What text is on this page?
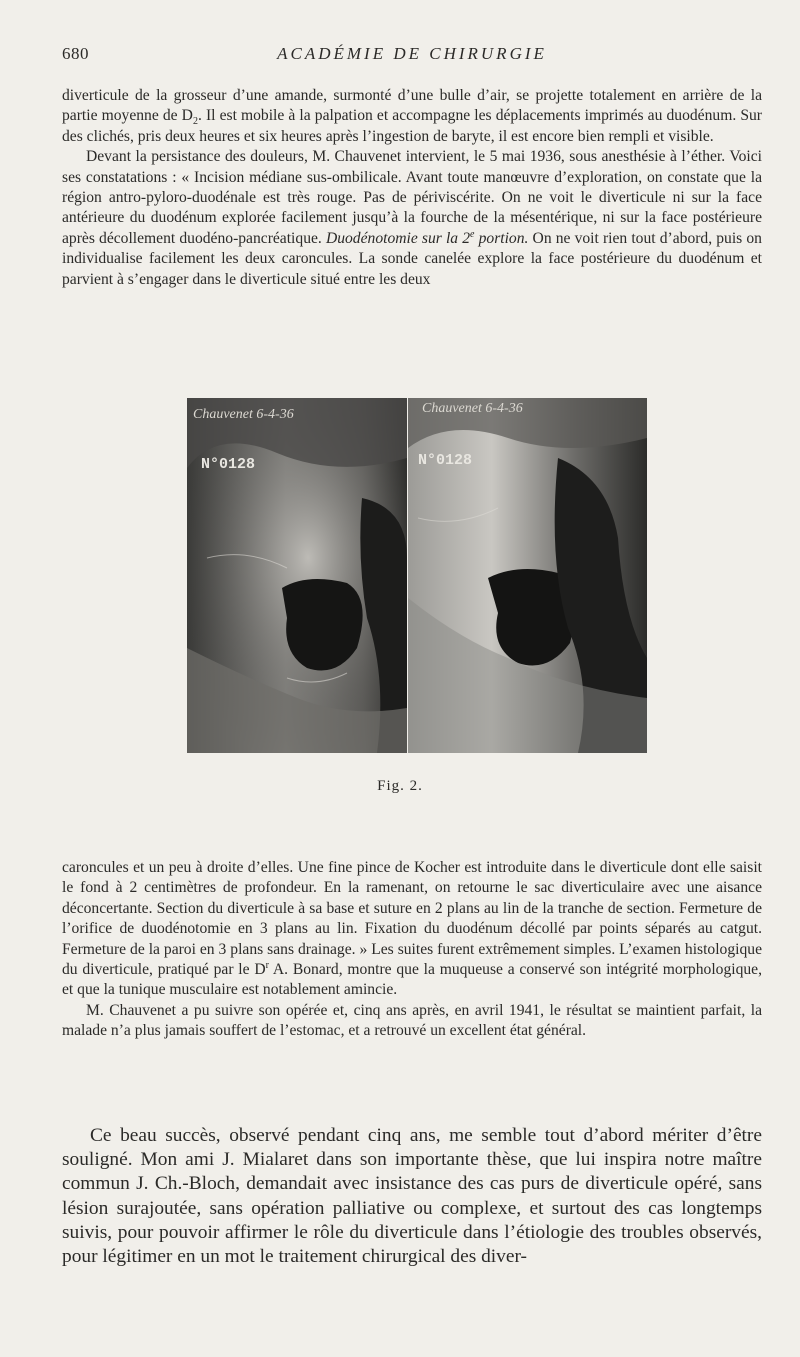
680	ACADÉMIE DE CHIRURGIE

diverticule de la grosseur d’une amande, surmonté d’une bulle d’air, se projette totalement en arrière de la partie moyenne de $D_2$. Il est mobile à la palpation et accompagne les déplacements imprimés au duodénum. Sur des clichés, pris deux heures et six heures après l’ingestion de baryte, il est encore bien rempli et visible.

Devant la persistance des douleurs, M. Chauvenet intervient, le 5 mai 1936, sous anesthésie à l’éther. Voici ses constatations : « Incision médiane sus-ombilicale. Avant toute manœuvre d’exploration, on constate que la région antro-pyloro-duodénale est très rouge. Pas de périviscérite. On ne voit le diverticule ni sur la face antérieure du duodénum explorée facilement jusqu’à la fourche de la mésentérique, ni sur la face postérieure après décollement duodéno-pancréatique. Duodénotomie sur la 2e portion. On ne voit rien tout d’abord, puis on individualise facilement les deux caroncules. La sonde canelée explore la face postérieure du duodénum et parvient à s’engager dans le diverticule situé entre les deux

Chauvenet 6-4-36
N°0128
Chauvenet 6-4-36
N°0128
Fig. 2.

caroncules et un peu à droite d’elles. Une fine pince de Kocher est introduite dans le diverticule dont elle saisit le fond à 2 centimètres de profondeur. En la ramenant, on retourne le sac diverticulaire avec une aisance déconcertante. Section du diverticule à sa base et suture en 2 plans au lin de la tranche de section. Fermeture de l’orifice de duodénotomie en 3 plans au lin. Fixation du duodénum décollé par points séparés au catgut. Fermeture de la paroi en 3 plans sans drainage. » Les suites furent extrêmement simples. L’examen histologique du diverticule, pratiqué par le $D^r$ A. Bonard, montre que la muqueuse a conservé son intégrité morphologique, et que la tunique musculaire est notablement amincie.

M. Chauvenet a pu suivre son opérée et, cinq ans après, en avril 1941, le résultat se maintient parfait, la malade n’a plus jamais souffert de l’estomac, et a retrouvé un excellent état général.

Ce beau succès, observé pendant cinq ans, me semble tout d’abord mériter d’être souligné. Mon ami J. Mialaret dans son importante thèse, que lui inspira notre maître commun J. Ch.-Bloch, demandait avec insistance des cas purs de diverticule opéré, sans lésion surajoutée, sans opération palliative ou complexe, et surtout des cas longtemps suivis, pour pouvoir affirmer le rôle du diverticule dans l’étiologie des troubles observés, pour légitimer en un mot le traitement chirurgical des diver-
